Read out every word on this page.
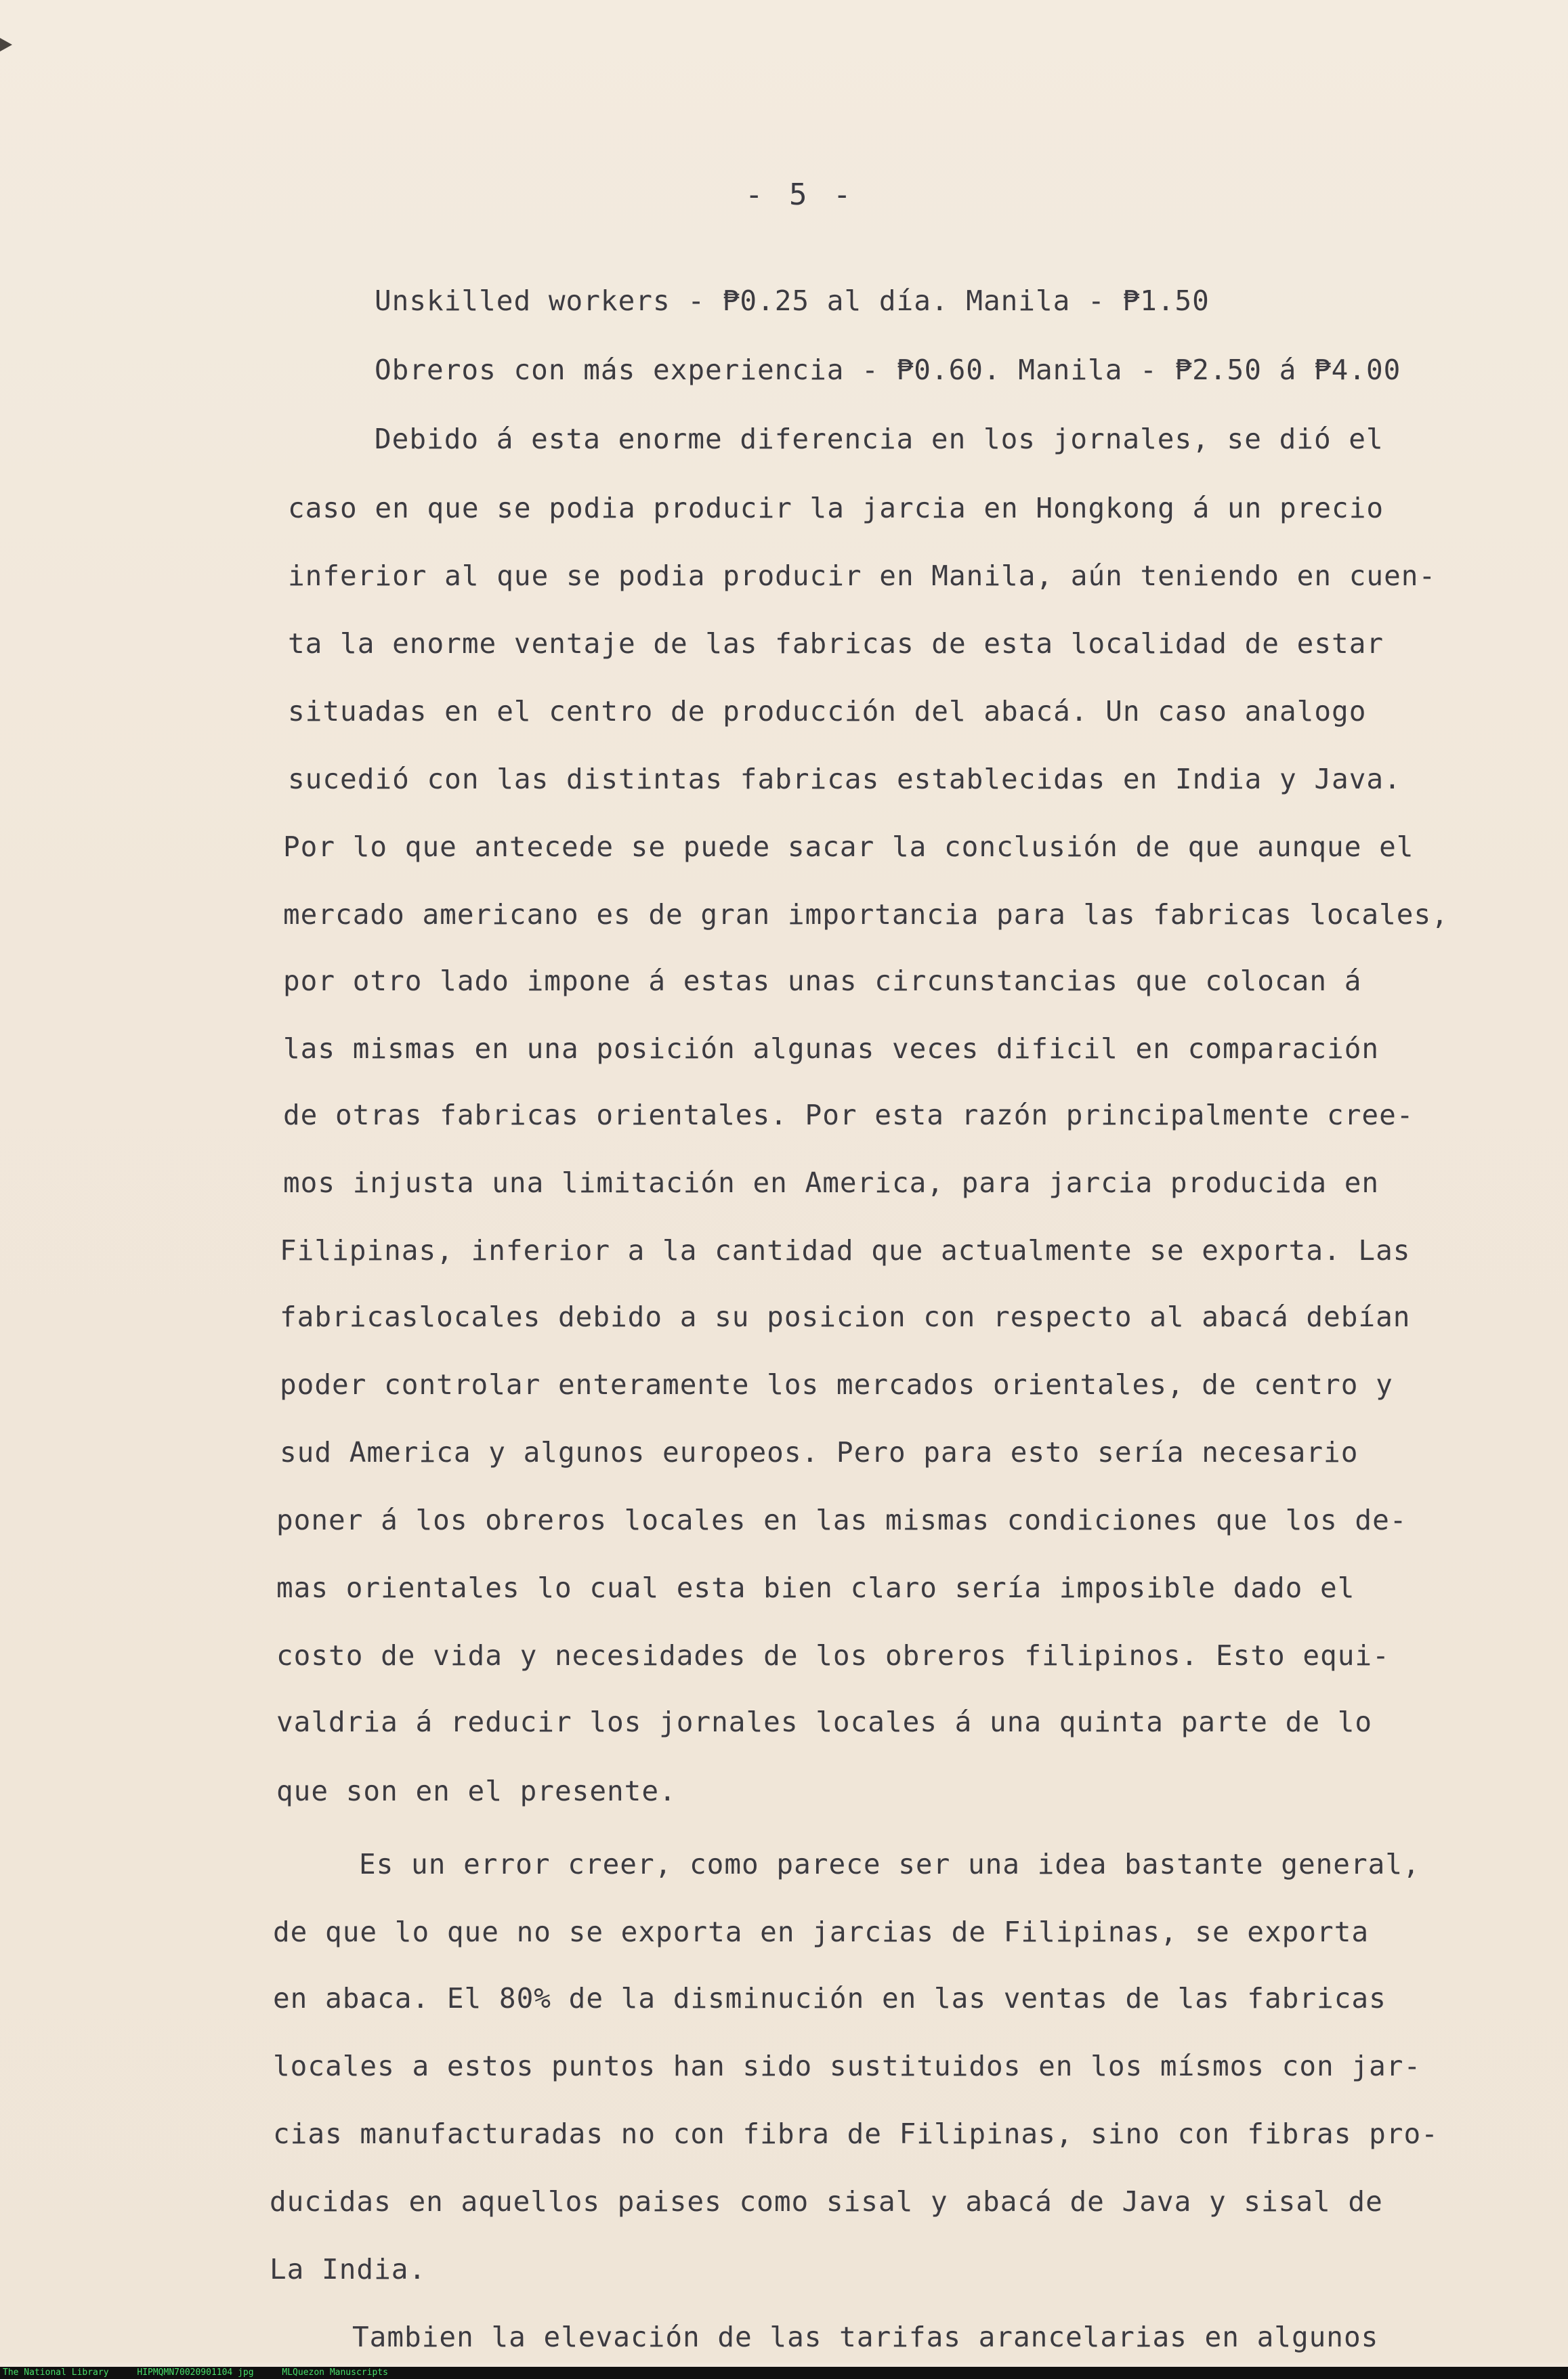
- 5 -
Unskilled workers - ₱0.25 al día. Manila - ₱1.50
Obreros con más experiencia - ₱0.60. Manila - ₱2.50 á ₱4.00
Debido á esta enorme diferencia en los jornales, se dió el
caso en que se podia producir la jarcia en Hongkong á un precio
inferior al que se podia producir en Manila, aún teniendo en cuen-
ta la enorme ventaje de las fabricas de esta localidad de estar
situadas en el centro de producción del abacá. Un caso analogo
sucedió con las distintas fabricas establecidas en India y Java.
Por lo que antecede se puede sacar la conclusión de que aunque el
mercado americano es de gran importancia para las fabricas locales,
por otro lado impone á estas unas circunstancias que colocan á
las mismas en una posición algunas veces dificil en comparación
de otras fabricas orientales. Por esta razón principalmente cree-
mos injusta una limitación en America, para jarcia producida en
Filipinas, inferior a la cantidad que actualmente se exporta. Las
fabricaslocales debido a su posicion con respecto al abacá debían
poder controlar enteramente los mercados orientales, de centro y
sud America y algunos europeos. Pero para esto sería necesario
poner á los obreros locales en las mismas condiciones que los de-
mas orientales lo cual esta bien claro sería imposible dado el
costo de vida y necesidades de los obreros filipinos. Esto equi-
valdria á reducir los jornales locales á una quinta parte de lo
que son en el presente.
Es un error creer, como parece ser una idea bastante general,
de que lo que no se exporta en jarcias de Filipinas, se exporta
en abaca. El 80% de la disminución en las ventas de las fabricas
locales a estos puntos han sido sustituidos en los mísmos con jar-
cias manufacturadas no con fibra de Filipinas, sino con fibras pro-
ducidas en aquellos paises como sisal y abacá de Java y sisal de
La India.
Tambien la elevación de las tarifas arancelarias en algunos
The National Library	HIPMQMN70020901104 jpg	MLQuezon Manuscripts
